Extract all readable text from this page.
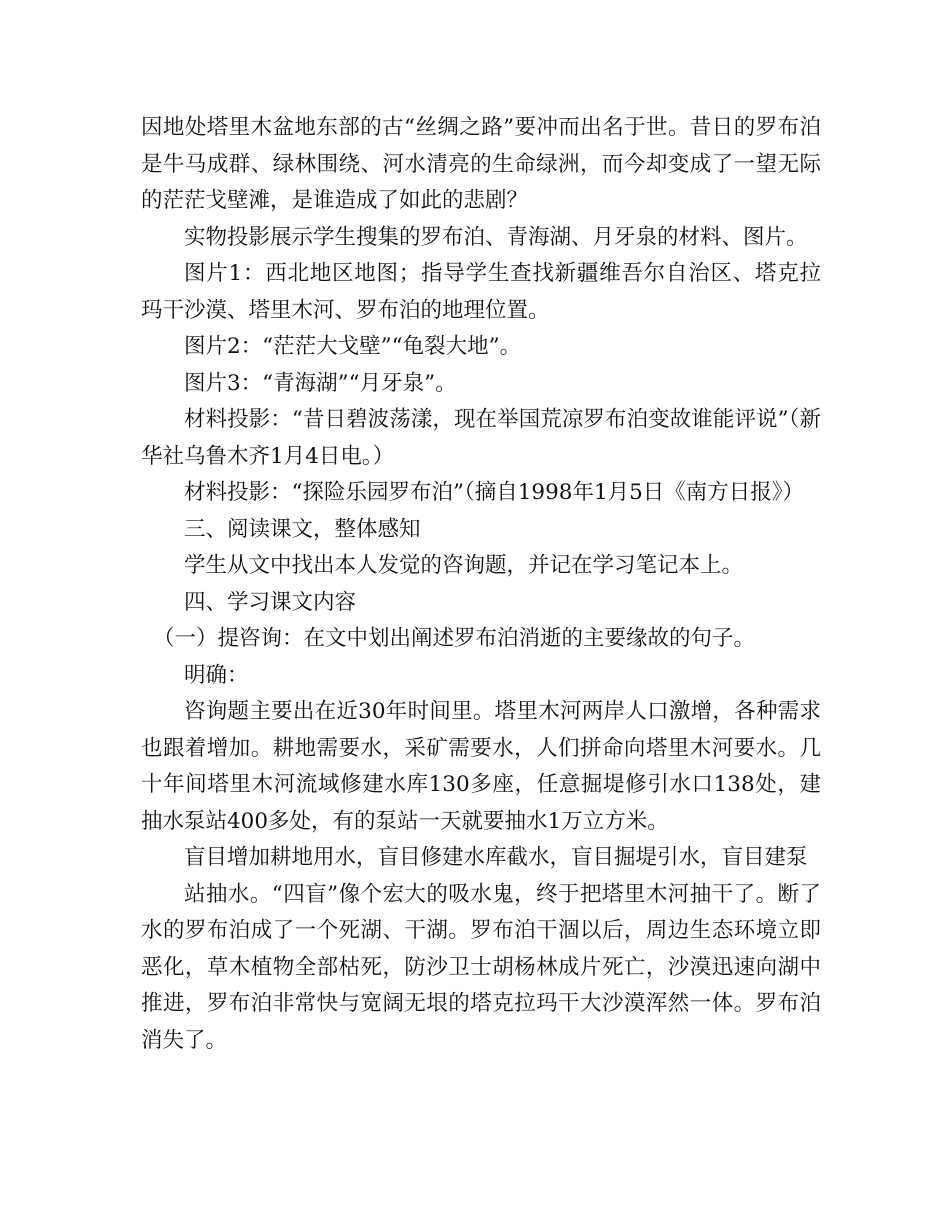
因地处塔里木盆地东部的古“丝绸之路”要冲而出名于世。昔日的罗布泊是牛马成群、绿林围绕、河水清亮的生命绿洲，而今却变成了一望无际的茫茫戈壁滩，是谁造成了如此的悲剧？

实物投影展示学生搜集的罗布泊、青海湖、月牙泉的材料、图片。

图片1：西北地区地图；指导学生查找新疆维吾尔自治区、塔克拉玛干沙漠、塔里木河、罗布泊的地理位置。

图片2：“茫茫大戈壁”“龟裂大地”。

图片3：“青海湖”“月牙泉”。

材料投影：“昔日碧波荡漾，现在举国荒凉罗布泊变故谁能评说”（新华社乌鲁木齐1月4日电。）

材料投影：“探险乐园罗布泊”（摘自1998年1月5日《南方日报》）

三、阅读课文，整体感知

学生从文中找出本人发觉的咨询题，并记在学习笔记本上。

四、学习课文内容

（一）提咨询：在文中划出阐述罗布泊消逝的主要缘故的句子。

明确：

咨询题主要出在近30年时间里。塔里木河两岸人口激增，各种需求也跟着增加。耕地需要水，采矿需要水，人们拼命向塔里木河要水。几十年间塔里木河流域修建水库130多座，任意掘堤修引水口138处，建抽水泵站400多处，有的泵站一天就要抽水1万立方米。

盲目增加耕地用水，盲目修建水库截水，盲目掘堤引水，盲目建泵

站抽水。“四盲”像个宏大的吸水鬼，终于把塔里木河抽干了。断了水的罗布泊成了一个死湖、干湖。罗布泊干涸以后，周边生态环境立即恶化，草木植物全部枯死，防沙卫士胡杨林成片死亡，沙漠迅速向湖中推进，罗布泊非常快与宽阔无垠的塔克拉玛干大沙漠浑然一体。罗布泊消失了。
